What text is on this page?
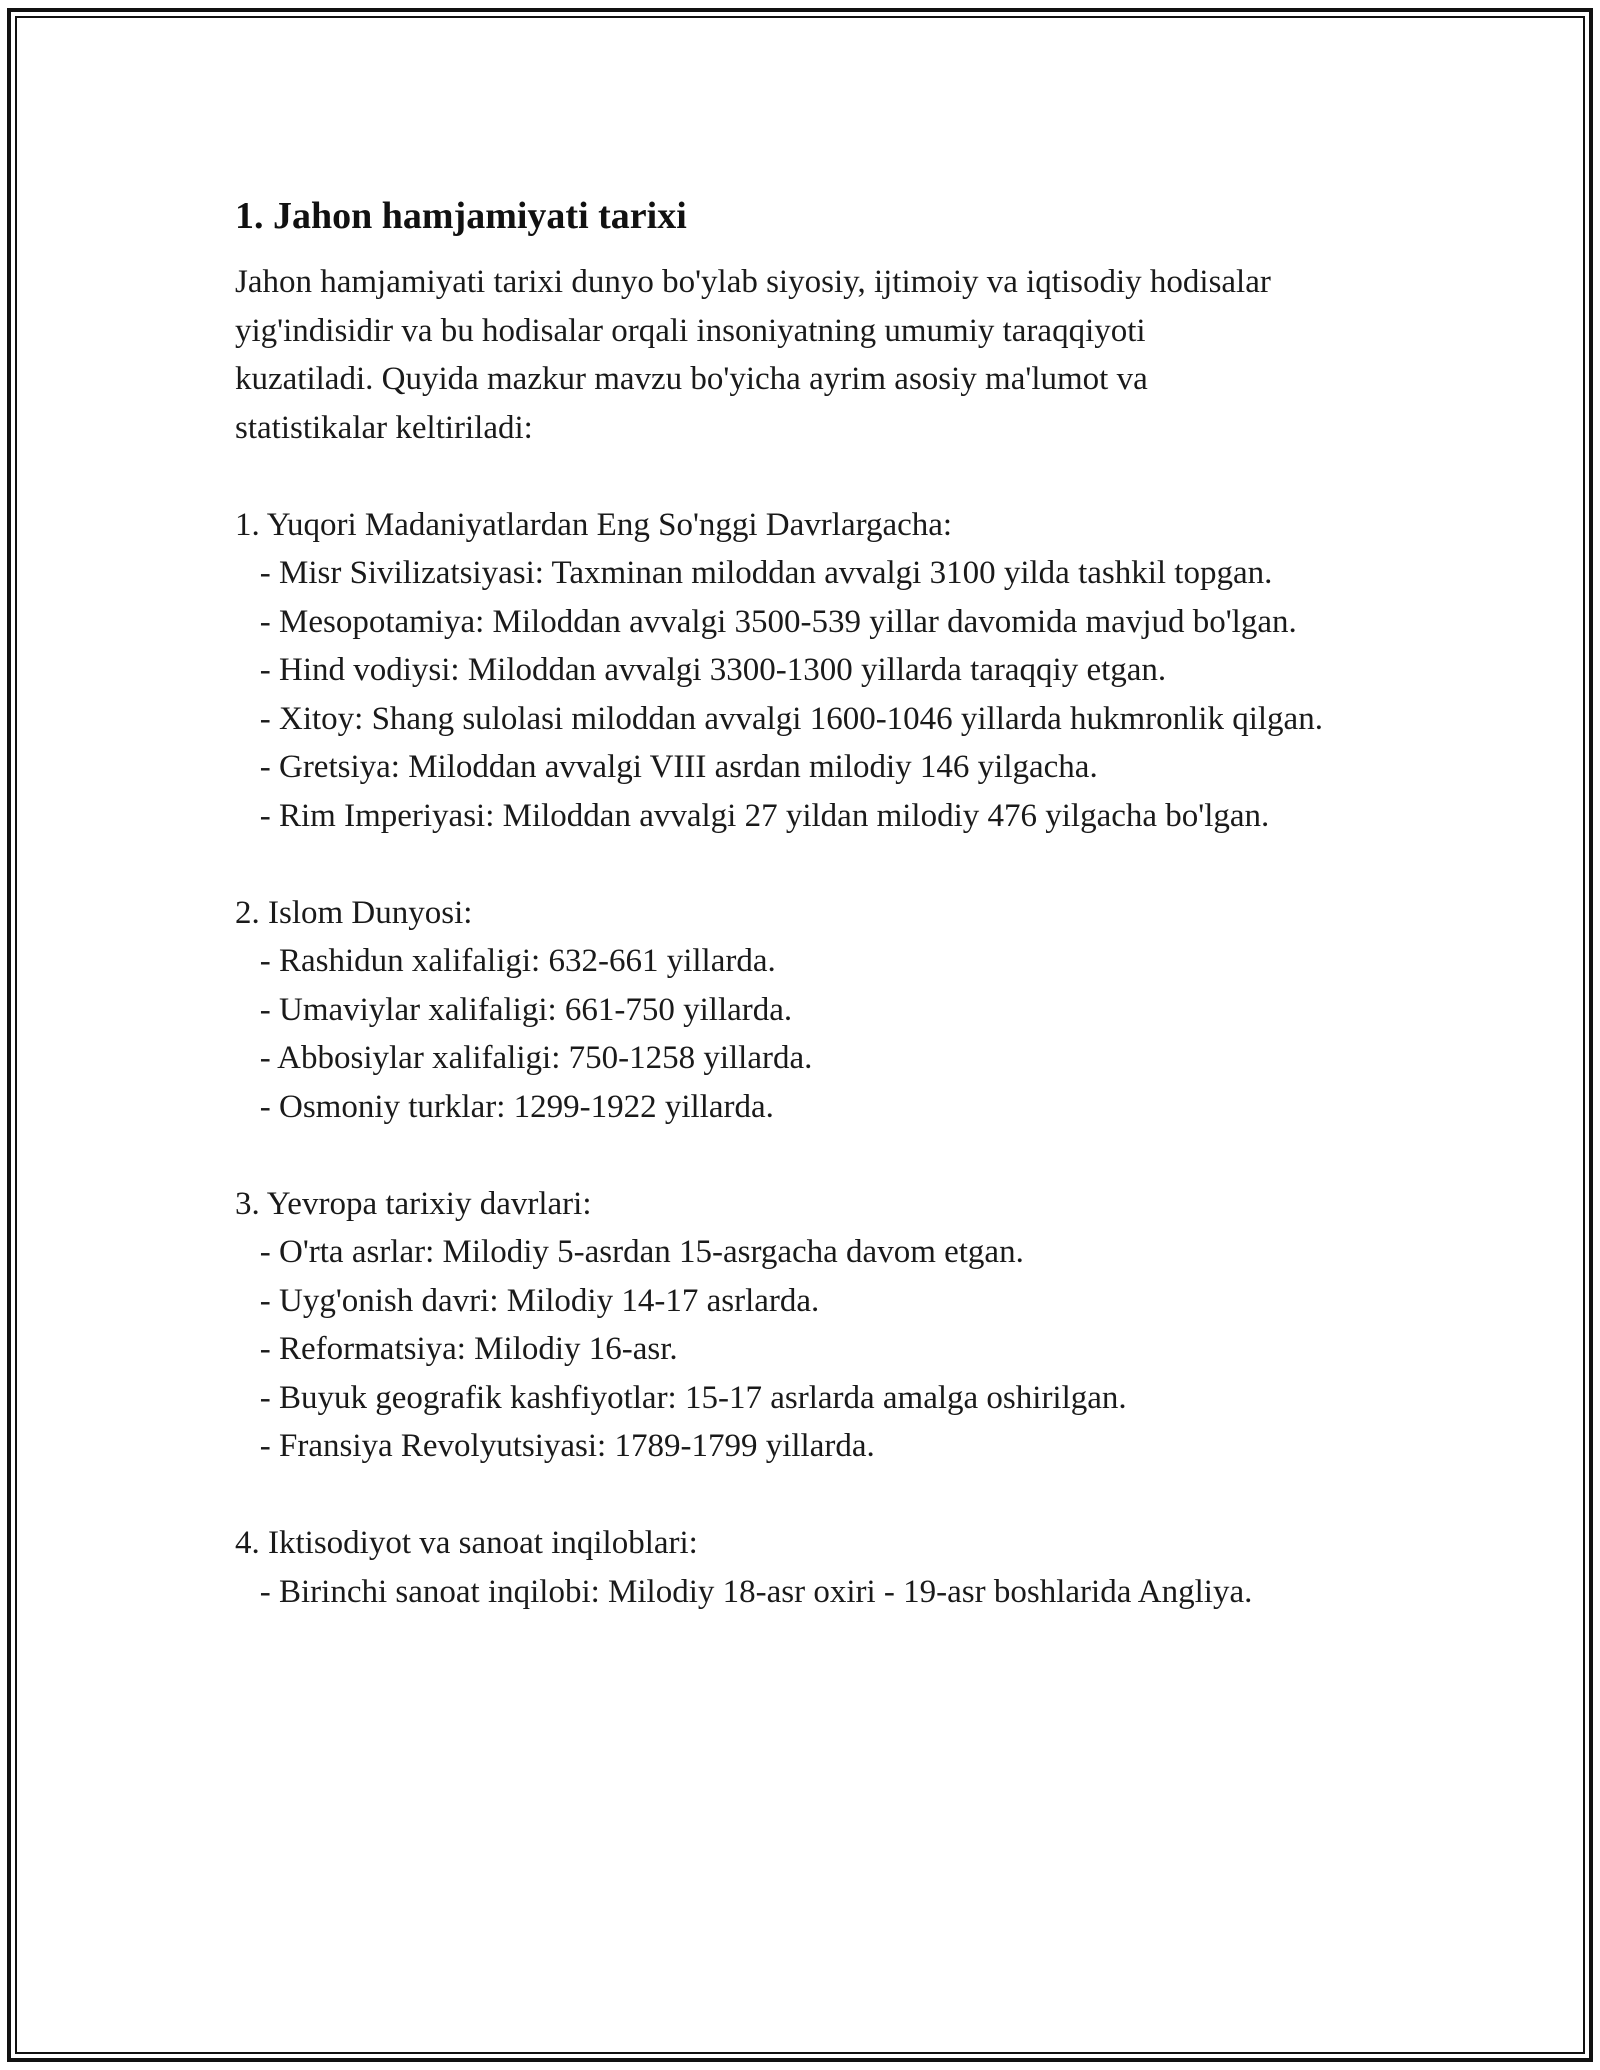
1. Jahon hamjamiyati tarixi

Jahon hamjamiyati tarixi dunyo bo'ylab siyosiy, ijtimoiy va iqtisodiy hodisalar yig'indisidir va bu hodisalar orqali insoniyatning umumiy taraqqiyoti kuzatiladi. Quyida mazkur mavzu bo'yicha ayrim asosiy ma'lumot va statistikalar keltiriladi:

1. Yuqori Madaniyatlardan Eng So'nggi Davrlargacha:
- Misr Sivilizatsiyasi: Taxminan miloddan avvalgi 3100 yilda tashkil topgan.
- Mesopotamiya: Miloddan avvalgi 3500-539 yillar davomida mavjud bo'lgan.
- Hind vodiysi: Miloddan avvalgi 3300-1300 yillarda taraqqiy etgan.
- Xitoy: Shang sulolasi miloddan avvalgi 1600-1046 yillarda hukmronlik qilgan.
- Gretsiya: Miloddan avvalgi VIII asrdan milodiy 146 yilgacha.
- Rim Imperiyasi: Miloddan avvalgi 27 yildan milodiy 476 yilgacha bo'lgan.
2. Islom Dunyosi:
- Rashidun xalifaligi: 632-661 yillarda.
- Umaviylar xalifaligi: 661-750 yillarda.
- Abbosiylar xalifaligi: 750-1258 yillarda.
- Osmoniy turklar: 1299-1922 yillarda.
3. Yevropa tarixiy davrlari:
- O'rta asrlar: Milodiy 5-asrdan 15-asrgacha davom etgan.
- Uyg'onish davri: Milodiy 14-17 asrlarda.
- Reformatsiya: Milodiy 16-asr.
- Buyuk geografik kashfiyotlar: 15-17 asrlarda amalga oshirilgan.
- Fransiya Revolyutsiyasi: 1789-1799 yillarda.
4. Iktisodiyot va sanoat inqiloblari:
- Birinchi sanoat inqilobi: Milodiy 18-asr oxiri - 19-asr boshlarida Angliya.
